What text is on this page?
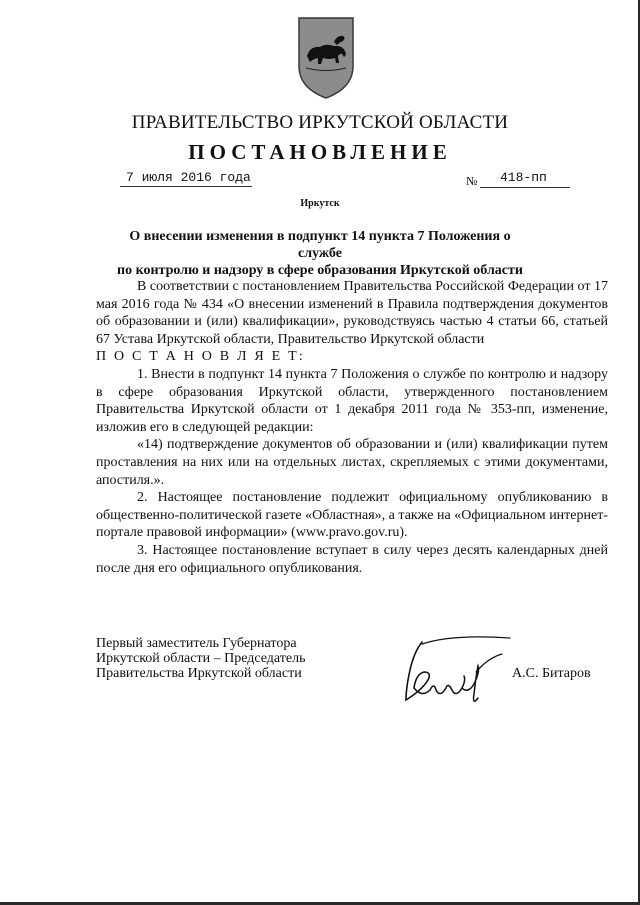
ПРАВИТЕЛЬСТВО ИРКУТСКОЙ ОБЛАСТИ
ПОСТАНОВЛЕНИЕ
7 июля 2016 года	№ 418-пп
Иркутск
О внесении изменения в подпункт 14 пункта 7 Положения о службе
по контролю и надзору в сфере образования Иркутской области

В соответствии с постановлением Правительства Российской Федерации от 17 мая 2016 года № 434 «О внесении изменений в Правила подтверждения документов об образовании и (или) квалификации», руководствуясь частью 4 статьи 66, статьей 67 Устава Иркутской области, Правительство Иркутской области

П О С Т А Н О В Л Я Е Т:

1. Внести в подпункт 14 пункта 7 Положения о службе по контролю и надзору в сфере образования Иркутской области, утвержденного постановлением Правительства Иркутской области от 1 декабря 2011 года № 353-пп, изменение, изложив его в следующей редакции:

«14) подтверждение документов об образовании и (или) квалификации путем проставления на них или на отдельных листах, скрепляемых с этими документами, апостиля.».

2. Настоящее постановление подлежит официальному опубликованию в общественно-политической газете «Областная», а также на «Официальном интернет-портале правовой информации» (www.pravo.gov.ru).

3. Настоящее постановление вступает в силу через десять календарных дней после дня его официального опубликования.

Первый заместитель Губернатора
Иркутской области – Председатель
Правительства Иркутской области	А.С. Битаров
